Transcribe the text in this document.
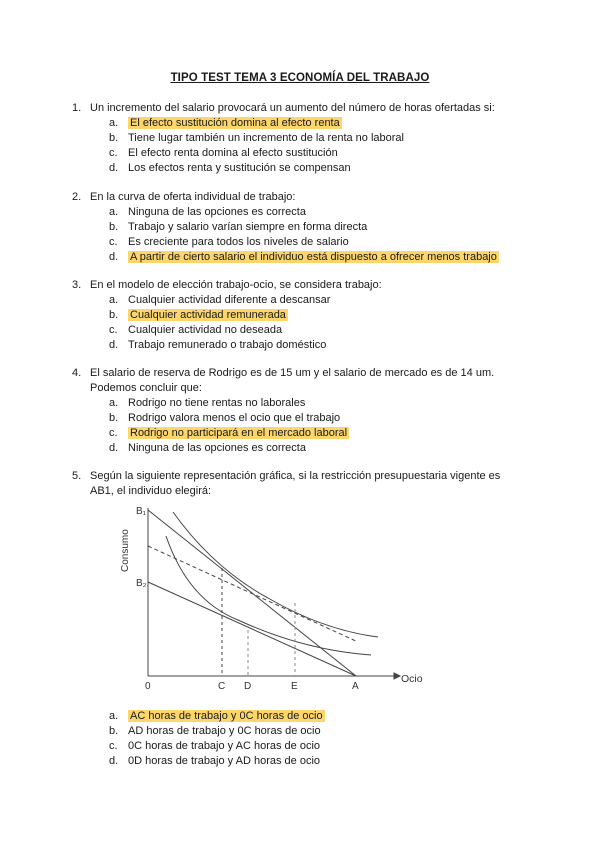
TIPO TEST TEMA 3 ECONOMÍA DEL TRABAJO
1. Un incremento del salario provocará un aumento del número de horas ofertadas si:
a. El efecto sustitución domina al efecto renta
b. Tiene lugar también un incremento de la renta no laboral
c. El efecto renta domina al efecto sustitución
d. Los efectos renta y sustitución se compensan
2. En la curva de oferta individual de trabajo:
a. Ninguna de las opciones es correcta
b. Trabajo y salario varían siempre en forma directa
c. Es creciente para todos los niveles de salario
d. A partir de cierto salario el individuo está dispuesto a ofrecer menos trabajo
3. En el modelo de elección trabajo-ocio, se considera trabajo:
a. Cualquier actividad diferente a descansar
b. Cualquier actividad remunerada
c. Cualquier actividad no deseada
d. Trabajo remunerado o trabajo doméstico
4. El salario de reserva de Rodrigo es de 15 um y el salario de mercado es de 14 um.
Podemos concluir que:
a. Rodrigo no tiene rentas no laborales
b. Rodrigo valora menos el ocio que el trabajo
c. Rodrigo no participará en el mercado laboral
d. Ninguna de las opciones es correcta
5. Según la siguiente representación gráfica, si la restricción presupuestaria vigente es
AB1, el individuo elegirá:
B₁
B₂
0	C D	E	A
Ocio
Consumo
a. AC horas de trabajo y 0C horas de ocio
b. AD horas de trabajo y 0C horas de ocio
c. 0C horas de trabajo y AC horas de ocio
d. 0D horas de trabajo y AD horas de ocio
